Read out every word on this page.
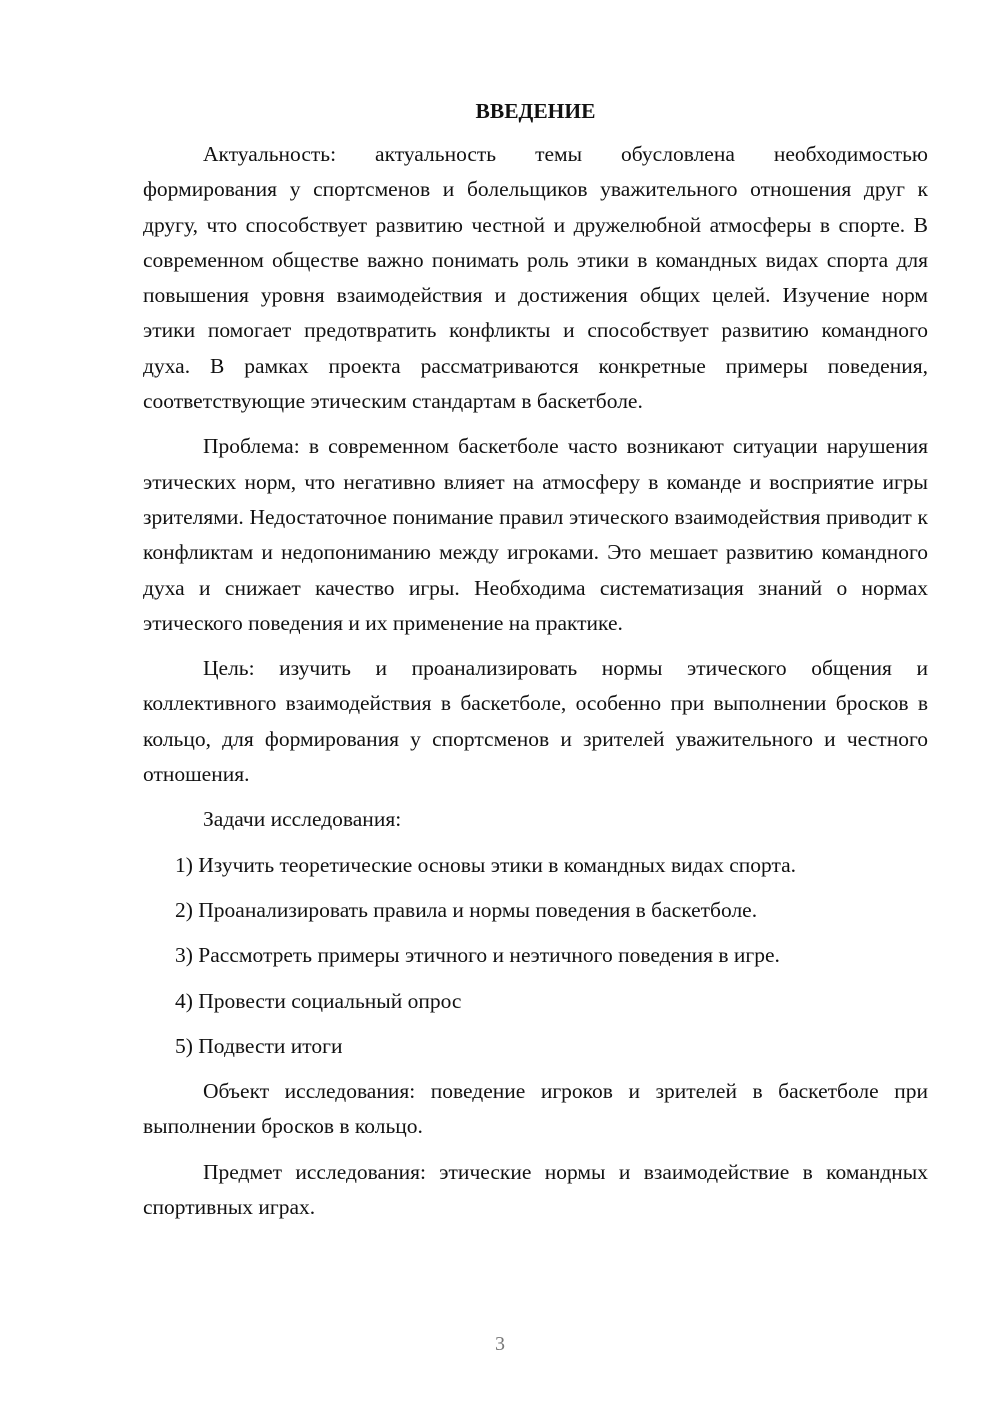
ВВЕДЕНИЕ

Актуальность: актуальность темы обусловлена необходимостью формирования у спортсменов и болельщиков уважительного отношения друг к другу, что способствует развитию честной и дружелюбной атмосферы в спорте. В современном обществе важно понимать роль этики в командных видах спорта для повышения уровня взаимодействия и достижения общих целей. Изучение норм этики помогает предотвратить конфликты и способствует развитию командного духа. В рамках проекта рассматриваются конкретные примеры поведения, соответствующие этическим стандартам в баскетболе.

Проблема: в современном баскетболе часто возникают ситуации нарушения этических норм, что негативно влияет на атмосферу в команде и восприятие игры зрителями. Недостаточное понимание правил этического взаимодействия приводит к конфликтам и недопониманию между игроками. Это мешает развитию командного духа и снижает качество игры. Необходима систематизация знаний о нормах этического поведения и их применение на практике.

Цель: изучить и проанализировать нормы этического общения и коллективного взаимодействия в баскетболе, особенно при выполнении бросков в кольцо, для формирования у спортсменов и зрителей уважительного и честного отношения.

Задачи исследования:

1) Изучить теоретические основы этики в командных видах спорта.
2) Проанализировать правила и нормы поведения в баскетболе.
3) Рассмотреть примеры этичного и неэтичного поведения в игре.
4) Провести социальный опрос
5) Подвести итоги

Объект исследования: поведение игроков и зрителей в баскетболе при выполнении бросков в кольцо.

Предмет исследования: этические нормы и взаимодействие в командных спортивных играх.

3
